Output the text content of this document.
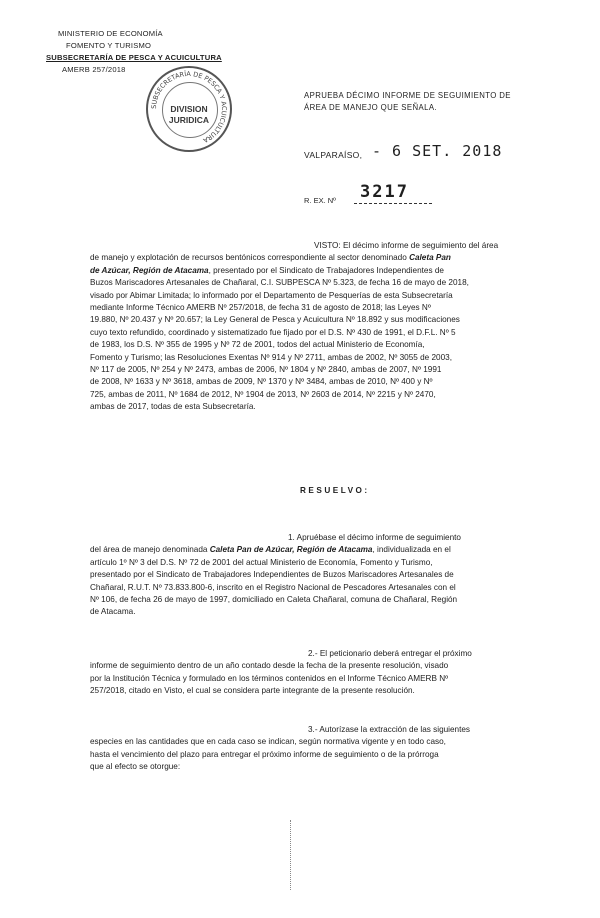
MINISTERIO DE ECONOMÍA
FOMENTO Y TURISMO
SUBSECRETARÍA DE PESCA Y ACUICULTURA
AMERB 257/2018
SUBSECRETARÍA DE PESCA Y ACUICULTURA
DIVISION
JURIDICA
APRUEBA DÉCIMO INFORME DE SEGUIMIENTO DE
ÁREA DE MANEJO QUE SEÑALA.
VALPARAÍSO, - 6 SET. 2018
R. EX. Nº 3217
VISTO: El décimo informe de seguimiento del área
de manejo y explotación de recursos bentónicos correspondiente al sector denominado Caleta Pan
de Azúcar, Región de Atacama, presentado por el Sindicato de Trabajadores Independientes de
Buzos Mariscadores Artesanales de Chañaral, C.I. SUBPESCA Nº 5.323, de fecha 16 de mayo de 2018,
visado por Abimar Limitada; lo informado por el Departamento de Pesquerías de esta Subsecretaría
mediante Informe Técnico AMERB Nº 257/2018, de fecha 31 de agosto de 2018; las Leyes Nº
19.880, Nº 20.437 y Nº 20.657; la Ley General de Pesca y Acuicultura Nº 18.892 y sus modificaciones
cuyo texto refundido, coordinado y sistematizado fue fijado por el D.S. Nº 430 de 1991, el D.F.L. Nº 5
de 1983, los D.S. Nº 355 de 1995 y Nº 72 de 2001, todos del actual Ministerio de Economía,
Fomento y Turismo; las Resoluciones Exentas Nº 914 y Nº 2711, ambas de 2002, Nº 3055 de 2003,
Nº 117 de 2005, Nº 254 y Nº 2473, ambas de 2006, Nº 1804 y Nº 2840, ambas de 2007, Nº 1991
de 2008, Nº 1633 y Nº 3618, ambas de 2009, Nº 1370 y Nº 3484, ambas de 2010, Nº 400 y Nº
725, ambas de 2011, Nº 1684 de 2012, Nº 1904 de 2013, Nº 2603 de 2014, Nº 2215 y Nº 2470,
ambas de 2017, todas de esta Subsecretaría.
RESUELVO:
1. Apruébase el décimo informe de seguimiento
del área de manejo denominada Caleta Pan de Azúcar, Región de Atacama, individualizada en el
artículo 1º Nº 3 del D.S. Nº 72 de 2001 del actual Ministerio de Economía, Fomento y Turismo,
presentado por el Sindicato de Trabajadores Independientes de Buzos Mariscadores Artesanales de
Chañaral, R.U.T. Nº 73.833.800-6, inscrito en el Registro Nacional de Pescadores Artesanales con el
Nº 106, de fecha 26 de mayo de 1997, domiciliado en Caleta Chañaral, comuna de Chañaral, Región
de Atacama.
2.- El peticionario deberá entregar el próximo
informe de seguimiento dentro de un año contado desde la fecha de la presente resolución, visado
por la Institución Técnica y formulado en los términos contenidos en el Informe Técnico AMERB Nº
257/2018, citado en Visto, el cual se considera parte integrante de la presente resolución.
3.- Autorízase la extracción de las siguientes
especies en las cantidades que en cada caso se indican, según normativa vigente y en todo caso,
hasta el vencimiento del plazo para entregar el próximo informe de seguimiento o de la prórroga
que al efecto se otorgue:
